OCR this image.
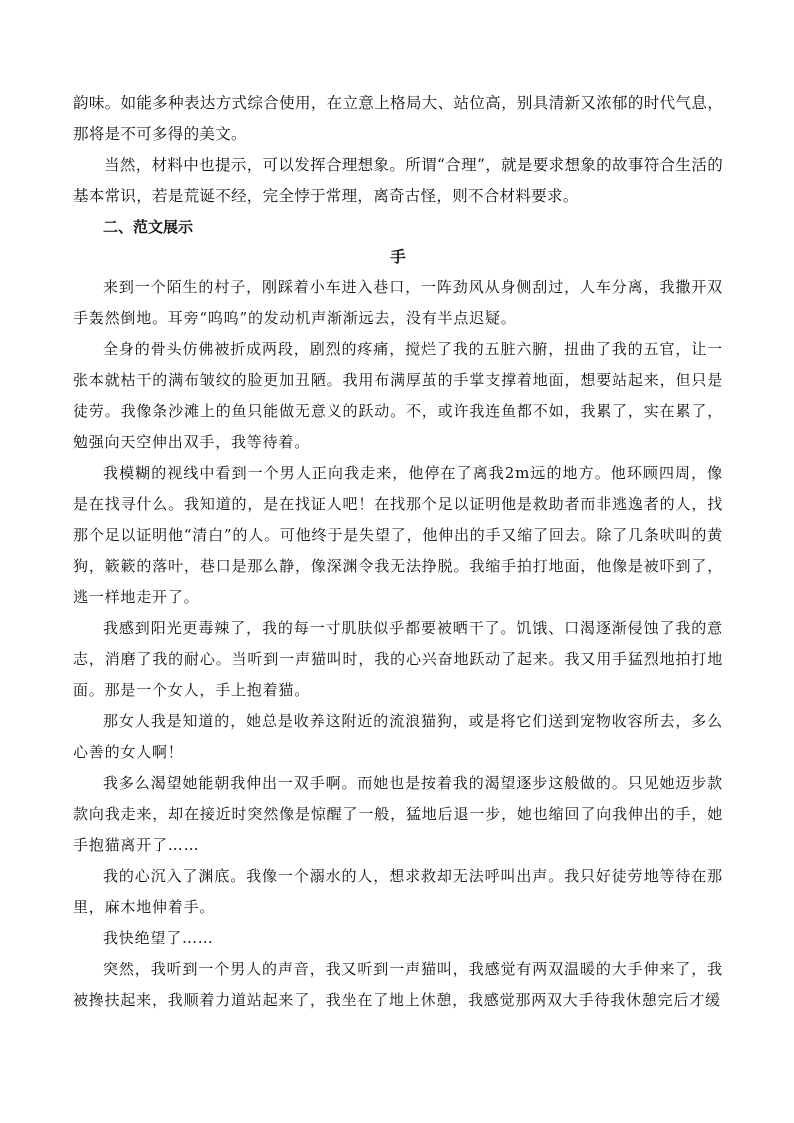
韵味。如能多种表达方式综合使用，在立意上格局大、站位高，别具清新又浓郁的时代气息，那将是不可多得的美文。

当然，材料中也提示，可以发挥合理想象。所谓“合理”，就是要求想象的故事符合生活的基本常识，若是荒诞不经，完全悖于常理，离奇古怪，则不合材料要求。

二、范文展示

手

来到一个陌生的村子，刚踩着小车进入巷口，一阵劲风从身侧刮过，人车分离，我撒开双手轰然倒地。耳旁“呜呜”的发动机声渐渐远去，没有半点迟疑。

全身的骨头仿佛被折成两段，剧烈的疼痛，搅烂了我的五脏六腑，扭曲了我的五官，让一张本就枯干的满布皱纹的脸更加丑陋。我用布满厚茧的手掌支撑着地面，想要站起来，但只是徒劳。我像条沙滩上的鱼只能做无意义的跃动。不，或许我连鱼都不如，我累了，实在累了，勉强向天空伸出双手，我等待着。

我模糊的视线中看到一个男人正向我走来，他停在了离我2m远的地方。他环顾四周，像是在找寻什么。我知道的，是在找证人吧！在找那个足以证明他是救助者而非逃逸者的人，找那个足以证明他“清白”的人。可他终于是失望了，他伸出的手又缩了回去。除了几条吠叫的黄狗，簌簌的落叶，巷口是那么静，像深渊令我无法挣脱。我缩手拍打地面，他像是被吓到了，逃一样地走开了。

我感到阳光更毒辣了，我的每一寸肌肤似乎都要被晒干了。饥饿、口渴逐渐侵蚀了我的意志，消磨了我的耐心。当听到一声猫叫时，我的心兴奋地跃动了起来。我又用手猛烈地拍打地面。那是一个女人，手上抱着猫。

那女人我是知道的，她总是收养这附近的流浪猫狗，或是将它们送到宠物收容所去，多么心善的女人啊！

我多么渴望她能朝我伸出一双手啊。而她也是按着我的渴望逐步这般做的。只见她迈步款款向我走来，却在接近时突然像是惊醒了一般，猛地后退一步，她也缩回了向我伸出的手，她手抱猫离开了……

我的心沉入了渊底。我像一个溺水的人，想求救却无法呼叫出声。我只好徒劳地等待在那里，麻木地伸着手。

我快绝望了……

突然，我听到一个男人的声音，我又听到一声猫叫，我感觉有两双温暖的大手伸来了，我被搀扶起来，我顺着力道站起来了，我坐在了地上休憩，我感觉那两双大手待我休憩完后才缓
